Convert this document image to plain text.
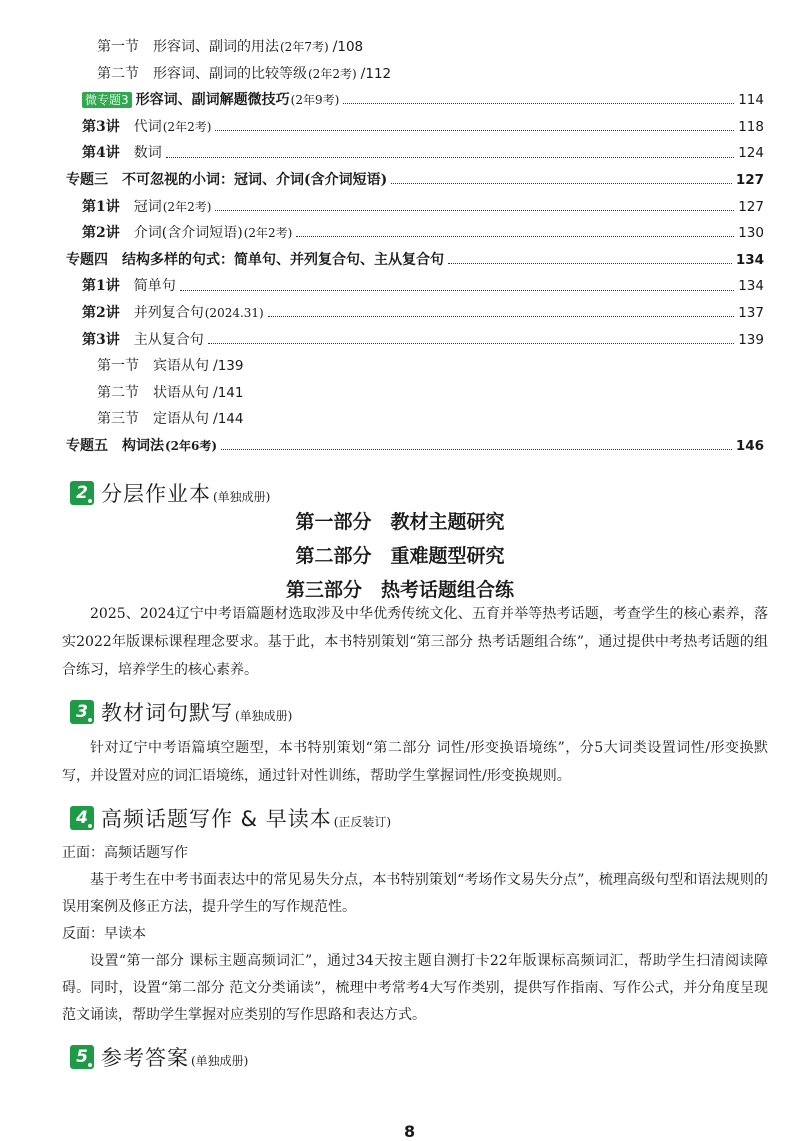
第一节　形容词、副词的用法 (2年7考) / 108
第二节　形容词、副词的比较等级 (2年2考) / 112
微专题3 形容词、副词解题微技巧 (2年9考)	114
第3讲　 代词 (2年2考)	118
第4讲　 数词	124
专题三　不可忽视的小词：冠词、介词(含介词短语)	127
第1讲　 冠词 (2年2考)	127
第2讲　 介词(含介词短语) (2年2考)	130
专题四　结构多样的句式：简单句、并列复合句、主从复合句	134
第1讲　 简单句	134
第2讲　 并列复合句 (2024.31)	137
第3讲　 主从复合句	139
第一节　宾语从句 / 139
第二节　状语从句 / 141
第三节　定语从句 / 144
专题五　构词法 (2年6考)	146
2 分层作业本 (单独成册)
第一部分　教材主题研究
第二部分　重难题型研究
第三部分　热考话题组合练

2025、2024辽宁中考语篇题材选取涉及中华优秀传统文化、五育并举等热考话题，考查学生的核心素养，落实2022年版课标课程理念要求。基于此，本书特别策划“第三部分 热考话题组合练”，通过提供中考热考话题的组合练习，培养学生的核心素养。

3 教材词句默写 (单独成册)

针对辽宁中考语篇填空题型，本书特别策划“第二部分 词性/形变换语境练”，分5大词类设置词性/形变换默写，并设置对应的词汇语境练，通过针对性训练，帮助学生掌握词性/形变换规则。

4 高频话题写作 & 早读本 (正反装订)

正面：高频话题写作

基于考生在中考书面表达中的常见易失分点，本书特别策划“考场作文易失分点”，梳理高级句型和语法规则的误用案例及修正方法，提升学生的写作规范性。

反面：早读本

设置“第一部分 课标主题高频词汇”，通过34天按主题自测打卡22年版课标高频词汇，帮助学生扫清阅读障碍。同时，设置“第二部分 范文分类诵读”，梳理中考常考4大写作类别，提供写作指南、写作公式，并分角度呈现范文诵读，帮助学生掌握对应类别的写作思路和表达方式。

5 参考答案 (单独成册)
8
